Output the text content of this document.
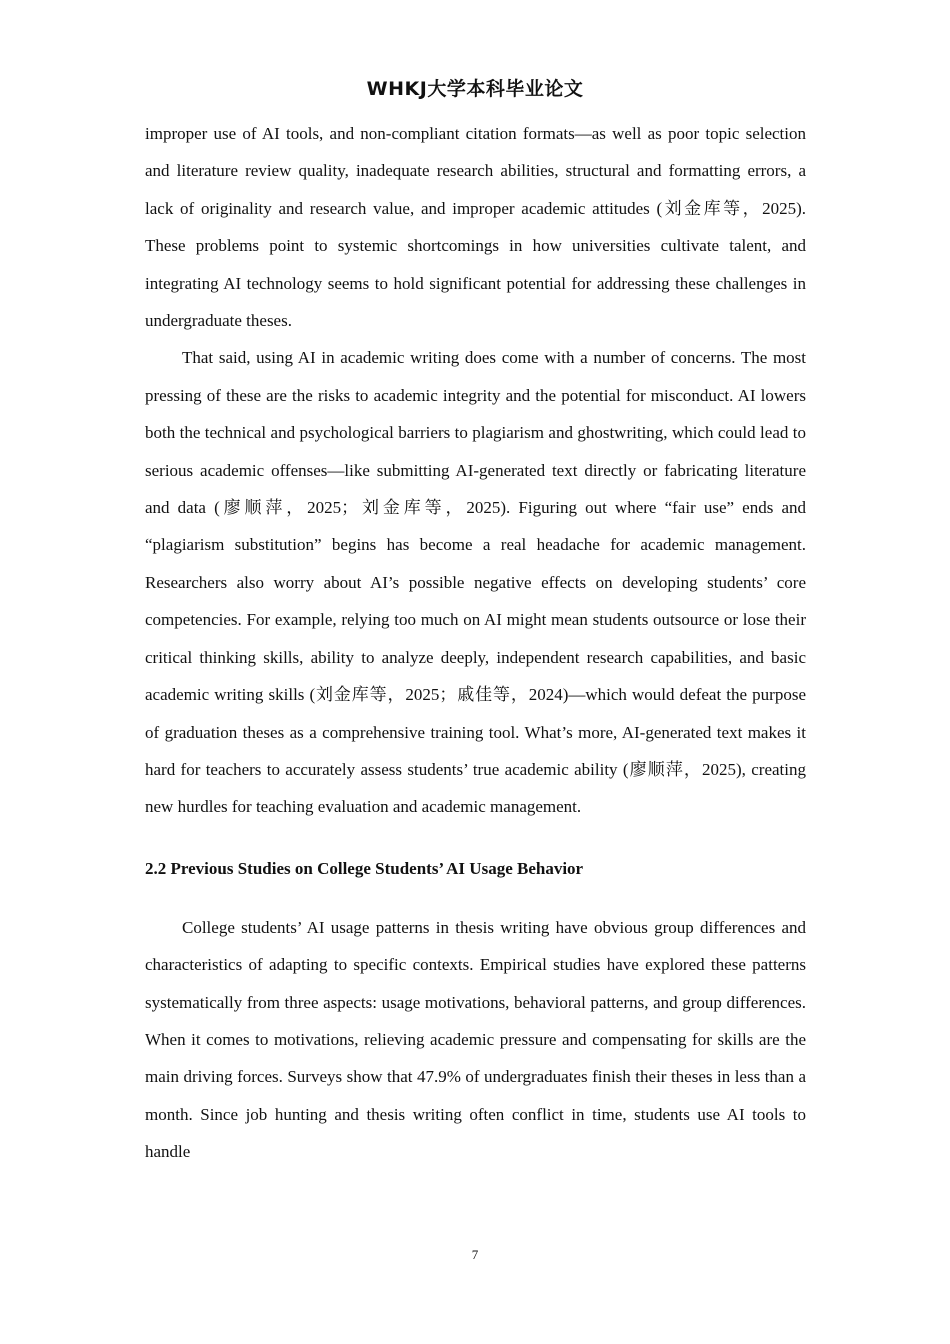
WHKJ大学本科毕业论文

improper use of AI tools, and non-compliant citation formats—as well as poor topic selection and literature review quality, inadequate research abilities, structural and formatting errors, a lack of originality and research value, and improper academic attitudes (刘金库等，2025). These problems point to systemic shortcomings in how universities cultivate talent, and integrating AI technology seems to hold significant potential for addressing these challenges in undergraduate theses.

That said, using AI in academic writing does come with a number of concerns. The most pressing of these are the risks to academic integrity and the potential for misconduct. AI lowers both the technical and psychological barriers to plagiarism and ghostwriting, which could lead to serious academic offenses—like submitting AI-generated text directly or fabricating literature and data (廖顺萍，2025；刘金库等，2025). Figuring out where “fair use” ends and “plagiarism substitution” begins has become a real headache for academic management. Researchers also worry about AI’s possible negative effects on developing students’ core competencies. For example, relying too much on AI might mean students outsource or lose their critical thinking skills, ability to analyze deeply, independent research capabilities, and basic academic writing skills (刘金库等，2025；戚佳等，2024)—which would defeat the purpose of graduation theses as a comprehensive training tool. What’s more, AI-generated text makes it hard for teachers to accurately assess students’ true academic ability (廖顺萍，2025), creating new hurdles for teaching evaluation and academic management.

2.2 Previous Studies on College Students’ AI Usage Behavior

College students’ AI usage patterns in thesis writing have obvious group differences and characteristics of adapting to specific contexts. Empirical studies have explored these patterns systematically from three aspects: usage motivations, behavioral patterns, and group differences. When it comes to motivations, relieving academic pressure and compensating for skills are the main driving forces. Surveys show that 47.9% of undergraduates finish their theses in less than a month. Since job hunting and thesis writing often conflict in time, students use AI tools to handle

7
